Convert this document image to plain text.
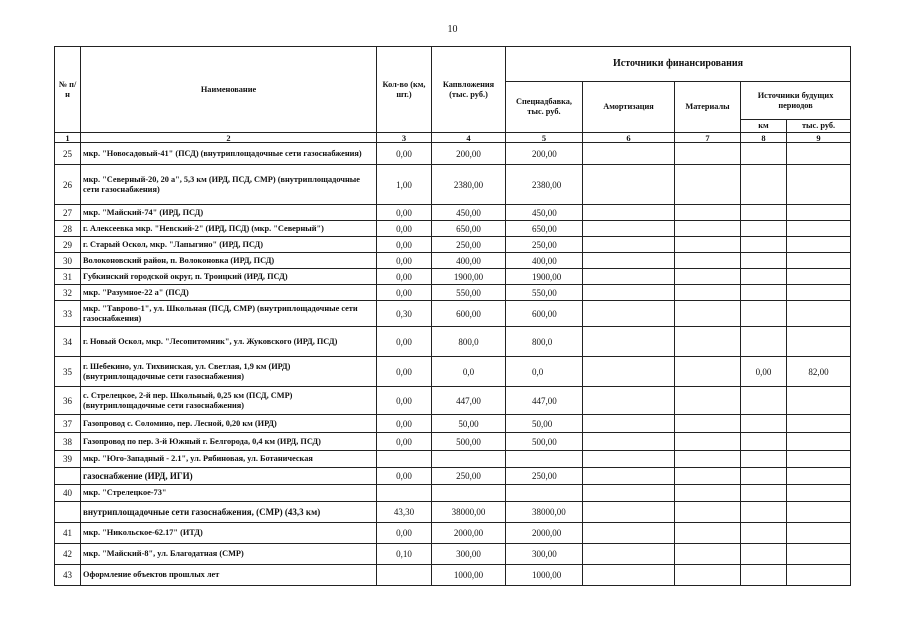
10
№ п/н	Наименование	Кол-во (км, шт.)	Капвложения (тыс. руб.)	Источники финансирования				
				Спецнадбавка, тыс. руб.	Амортизация	Материалы	Источники будущих периодов	
							км	тыс. руб.
1	2	3	4	5	6	7	8	9
25	мкр. "Новосадовый-41" (ПСД) (внутриплощадочные сети газоснабжения)	0,00	200,00	200,00				
26	мкр. "Северный-20, 20 а", 5,3 км (ИРД, ПСД, СМР) (внутриплощадочные сети газоснабжения)	1,00	2380,00	2380,00				
27	мкр. "Майский-74" (ИРД, ПСД)	0,00	450,00	450,00				
28	г. Алексеевка мкр. "Невский-2" (ИРД, ПСД) (мкр. "Северный")	0,00	650,00	650,00				
29	г. Старый Оскол, мкр. "Лапыгино" (ИРД, ПСД)	0,00	250,00	250,00				
30	Волоконовский район, п. Волоконовка (ИРД, ПСД)	0,00	400,00	400,00				
31	Губкинский городской округ, п. Троицкий (ИРД, ПСД)	0,00	1900,00	1900,00				
32	мкр. "Разумное-22 а" (ПСД)	0,00	550,00	550,00				
33	мкр. "Таврово-1", ул. Школьная (ПСД, СМР) (внутриплощадочные сети газоснабжения)	0,30	600,00	600,00				
34	г. Новый Оскол, мкр. "Лесопитомник", ул. Жуковского (ИРД, ПСД)	0,00	800,0	800,0				
35	г. Шебекино, ул. Тихвинская, ул. Светлая, 1,9 км (ИРД) (внутриплощадочные сети газоснабжения)	0,00	0,0	0,0			0,00	82,00
36	с. Стрелецкое, 2-й пер. Школьный, 0,25 км (ПСД, СМР) (внутриплощадочные сети газоснабжения)	0,00	447,00	447,00				
37	Газопровод с. Соломино, пер. Лесной, 0,20 км (ИРД)	0,00	50,00	50,00				
38	Газопровод по пер. 3-й Южный г. Белгорода, 0,4 км (ИРД, ПСД)	0,00	500,00	500,00				
39	мкр. "Юго-Западный - 2.1", ул. Рябиновая, ул. Ботаническая							
	газоснабжение (ИРД, ИГИ)	0,00	250,00	250,00				
40	мкр. "Стрелецкое-73"							
	внутриплощадочные сети газоснабжения, (СМР) (43,3 км)	43,30	38000,00	38000,00				
41	мкр. "Никольское-62.17" (ИТД)	0,00	2000,00	2000,00				
42	мкр. "Майский-8", ул. Благодатная (СМР)	0,10	300,00	300,00				
43	Оформление объектов прошлых лет		1000,00	1000,00				
